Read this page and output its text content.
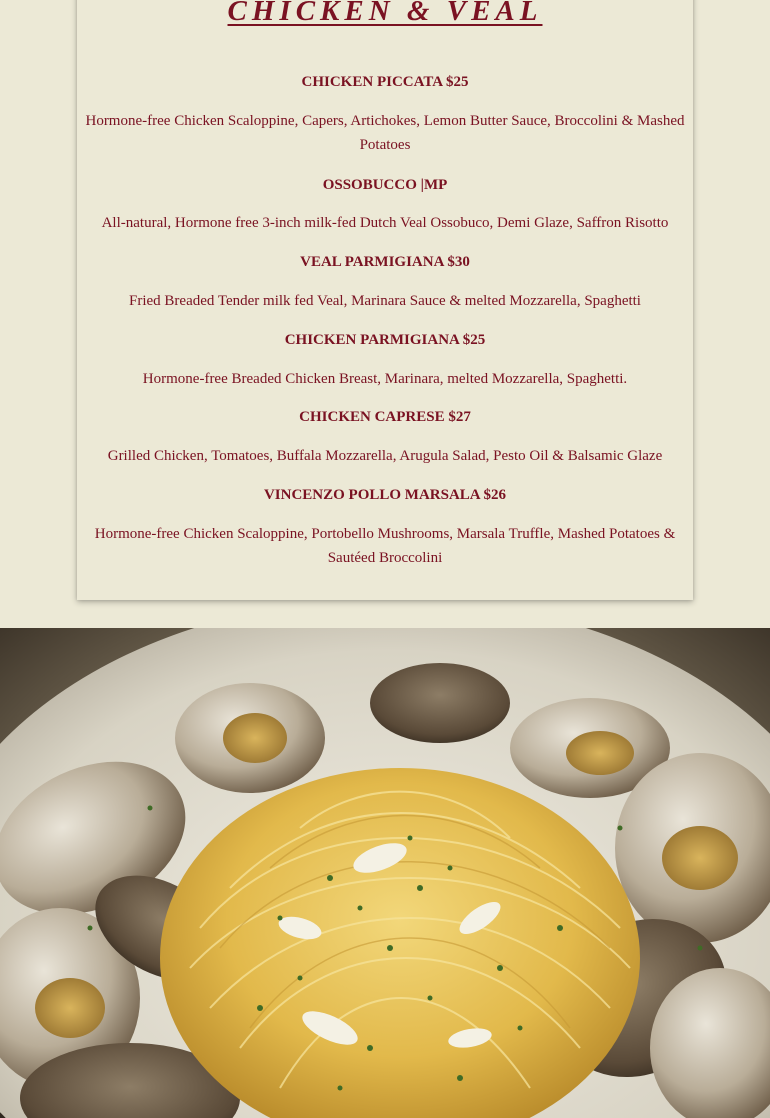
CHICKEN & VEAL
CHICKEN PICCATA $25
Hormone-free Chicken Scaloppine, Capers, Artichokes, Lemon Butter Sauce, Broccolini & Mashed Potatoes
OSSOBUCCO |MP
All-natural, Hormone free 3-inch milk-fed Dutch Veal Ossobuco, Demi Glaze, Saffron Risotto
VEAL PARMIGIANA $30
Fried Breaded Tender milk fed Veal, Marinara Sauce & melted Mozzarella, Spaghetti
CHICKEN PARMIGIANA $25
Hormone-free Breaded Chicken Breast, Marinara, melted Mozzarella, Spaghetti.
CHICKEN CAPRESE $27
Grilled Chicken, Tomatoes, Buffala Mozzarella, Arugula Salad, Pesto Oil & Balsamic Glaze
VINCENZO POLLO MARSALA $26
Hormone-free Chicken Scaloppine, Portobello Mushrooms, Marsala Truffle, Mashed Potatoes & Sautéed Broccolini
